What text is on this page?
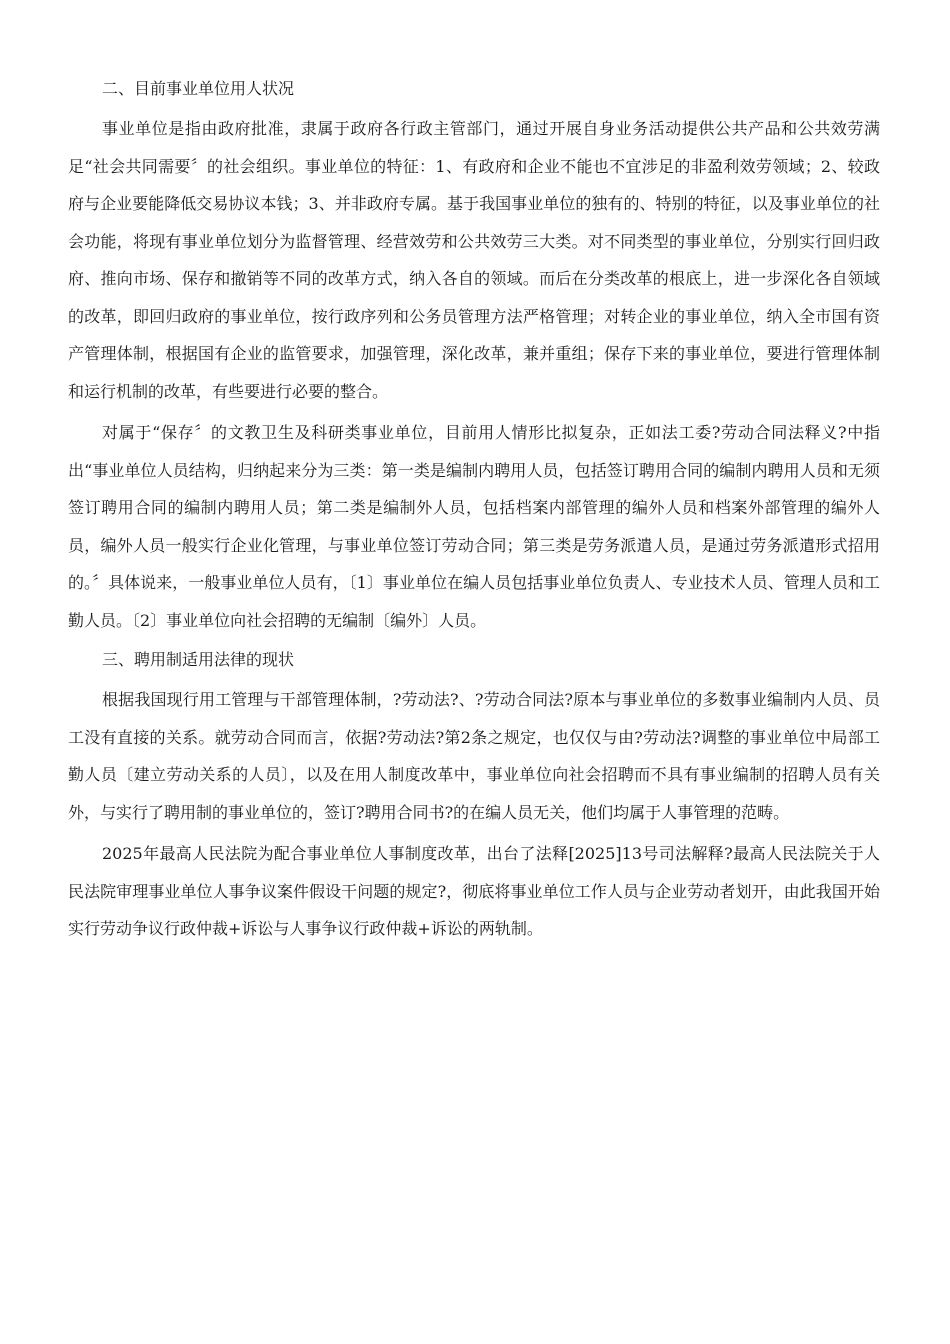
二、目前事业单位用人状况

事业单位是指由政府批准，隶属于政府各行政主管部门，通过开展自身业务活动提供公共产品和公共效劳满足“社会共同需要〞的社会组织。事业单位的特征：1、有政府和企业不能也不宜涉足的非盈利效劳领域；2、较政府与企业要能降低交易协议本钱；3、并非政府专属。基于我国事业单位的独有的、特别的特征，以及事业单位的社会功能，将现有事业单位划分为监督管理、经营效劳和公共效劳三大类。对不同类型的事业单位，分别实行回归政府、推向市场、保存和撤销等不同的改革方式，纳入各自的领域。而后在分类改革的根底上，进一步深化各自领域的改革，即回归政府的事业单位，按行政序列和公务员管理方法严格管理；对转企业的事业单位，纳入全市国有资产管理体制，根据国有企业的监管要求，加强管理，深化改革，兼并重组；保存下来的事业单位，要进行管理体制和运行机制的改革，有些要进行必要的整合。

对属于“保存〞的文教卫生及科研类事业单位，目前用人情形比拟复杂，正如法工委?劳动合同法释义?中指出“事业单位人员结构，归纳起来分为三类：第一类是编制内聘用人员，包括签订聘用合同的编制内聘用人员和无须签订聘用合同的编制内聘用人员；第二类是编制外人员，包括档案内部管理的编外人员和档案外部管理的编外人员，编外人员一般实行企业化管理，与事业单位签订劳动合同；第三类是劳务派遣人员，是通过劳务派遣形式招用的。〞具体说来，一般事业单位人员有，〔1〕事业单位在编人员包括事业单位负责人、专业技术人员、管理人员和工勤人员。〔2〕事业单位向社会招聘的无编制〔编外〕人员。

三、聘用制适用法律的现状

根据我国现行用工管理与干部管理体制，?劳动法?、?劳动合同法?原本与事业单位的多数事业编制内人员、员工没有直接的关系。就劳动合同而言，依据?劳动法?第2条之规定，也仅仅与由?劳动法?调整的事业单位中局部工勤人员〔建立劳动关系的人员〕，以及在用人制度改革中，事业单位向社会招聘而不具有事业编制的招聘人员有关外，与实行了聘用制的事业单位的，签订?聘用合同书?的在编人员无关，他们均属于人事管理的范畴。

2025年最高人民法院为配合事业单位人事制度改革，出台了法释[2025]13号司法解释?最高人民法院关于人民法院审理事业单位人事争议案件假设干问题的规定?，彻底将事业单位工作人员与企业劳动者划开，由此我国开始实行劳动争议行政仲裁+诉讼与人事争议行政仲裁+诉讼的两轨制。
